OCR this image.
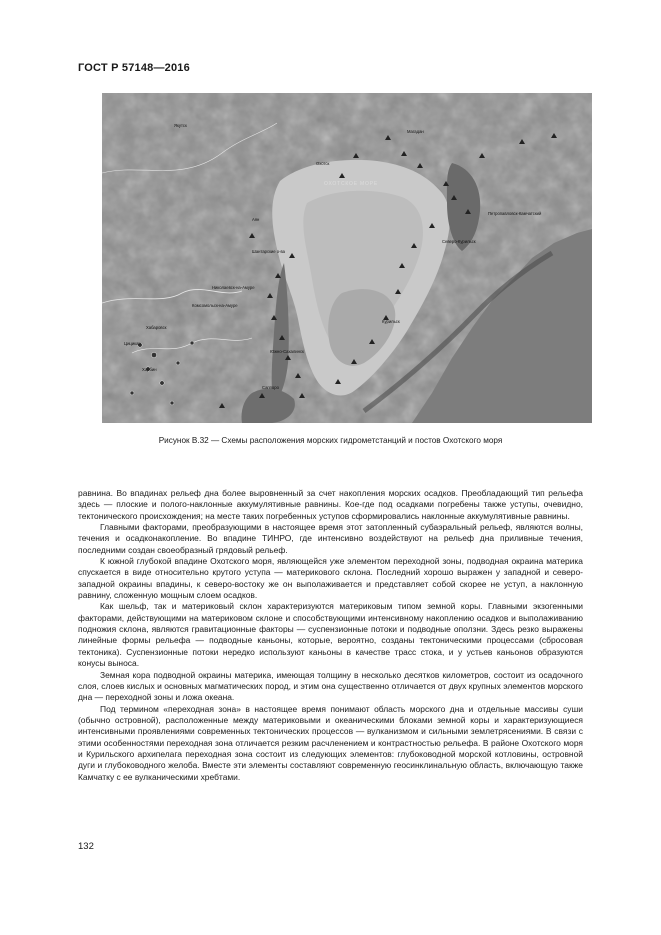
ГОСТ Р 57148—2016
ОХОТСКОЕ МОРЕ
Якутск
Магадан
Хабаровск
Харбин
Цицикар
Саппоро
Южно-Сахалинск
Петропавловск-Камчатский
Охотск
Аян
Шантарские о-ва
Николаевск-на-Амуре
Комсомольск-на-Амуре
Северо-Курильск
Курильск
Рисунок В.32 — Схемы расположения морских гидрометстанций и постов Охотского моря

равнина. Во впадинах рельеф дна более выровненный за счет накопления морских осадков. Преобладающий тип рельефа здесь — плоские и полого-наклонные аккумулятивные равнины. Кое-где под осадками погребены также уступы, очевидно, тектонического происхождения; на месте таких погребенных уступов сформировались наклонные аккумулятивные равнины.

Главными факторами, преобразующими в настоящее время этот затопленный субаэральный рельеф, являются волны, течения и осадконакопление. Во впадине ТИНРО, где интенсивно воздействуют на рельеф дна приливные течения, последними создан своеобразный грядовый рельеф.

К южной глубокой впадине Охотского моря, являющейся уже элементом переходной зоны, подводная окраина материка спускается в виде относительно крутого уступа — материкового склона. Последний хорошо выражен у западной и северо-западной окраины впадины, к северо-востоку же он выполаживается и представляет собой скорее не уступ, а наклонную равнину, сложенную мощным слоем осадков.

Как шельф, так и материковый склон характеризуются материковым типом земной коры. Главными экзогенными факторами, действующими на материковом склоне и способствующими интенсивному накоплению осадков и выполаживанию подножия склона, являются гравитационные факторы — суспензионные потоки и подводные оползни. Здесь резко выражены линейные формы рельефа — подводные каньоны, которые, вероятно, созданы тектоническими процессами (сбросовая тектоника). Суспензионные потоки нередко используют каньоны в качестве трасс стока, и у устьев каньонов образуются конусы выноса.

Земная кора подводной окраины материка, имеющая толщину в несколько десятков километров, состоит из осадочного слоя, слоев кислых и основных магматических пород, и этим она существенно отличается от двух крупных элементов морского дна — переходной зоны и ложа океана.

Под термином «переходная зона» в настоящее время понимают область морского дна и отдельные массивы суши (обычно островной), расположенные между материковыми и океаническими блоками земной коры и характеризующиеся интенсивными проявлениями современных тектонических процессов — вулканизмом и сильными землетрясениями. В связи с этими особенностями переходная зона отличается резким расчленением и контрастностью рельефа. В районе Охотского моря и Курильского архипелага переходная зона состоит из следующих элементов: глубоководной морской котловины, островной дуги и глубоководного желоба. Вместе эти элементы составляют современную геосинклинальную область, включающую также Камчатку с ее вулканическими хребтами.

132
